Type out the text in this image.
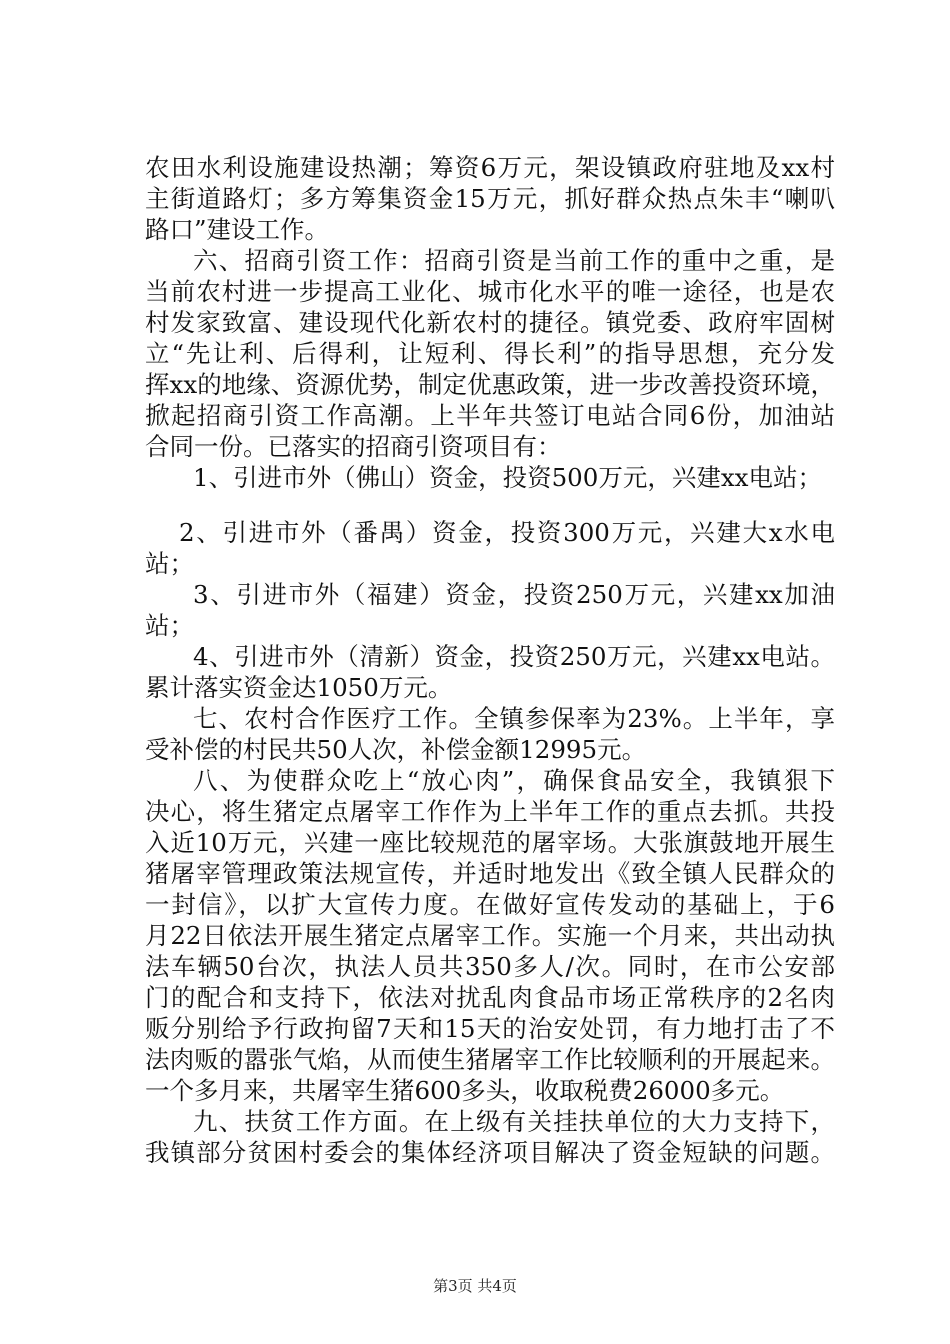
农田水利设施建设热潮；筹资6万元，架设镇政府驻地及xx村
主街道路灯；多方筹集资金15万元，抓好群众热点朱丰“喇叭
路口”建设工作。
六、招商引资工作：招商引资是当前工作的重中之重，是
当前农村进一步提高工业化、城市化水平的唯一途径，也是农
村发家致富、建设现代化新农村的捷径。镇党委、政府牢固树
立“先让利、后得利，让短利、得长利”的指导思想，充分发
挥xx的地缘、资源优势，制定优惠政策，进一步改善投资环境，
掀起招商引资工作高潮。上半年共签订电站合同6份，加油站
合同一份。已落实的招商引资项目有：
1、引进市外（佛山）资金，投资500万元，兴建xx电站；
2、引进市外（番禺）资金，投资300万元，兴建大x水电
站；
3、引进市外（福建）资金，投资250万元，兴建xx加油
站；
4、引进市外（清新）资金，投资250万元，兴建xx电站。
累计落实资金达1050万元。
七、农村合作医疗工作。全镇参保率为23%。上半年，享
受补偿的村民共50人次，补偿金额12995元。
八、为使群众吃上“放心肉”，确保食品安全，我镇狠下
决心，将生猪定点屠宰工作作为上半年工作的重点去抓。共投
入近10万元，兴建一座比较规范的屠宰场。大张旗鼓地开展生
猪屠宰管理政策法规宣传，并适时地发出《致全镇人民群众的
一封信》，以扩大宣传力度。在做好宣传发动的基础上，于6
月22日依法开展生猪定点屠宰工作。实施一个月来，共出动执
法车辆50台次，执法人员共350多人/次。同时，在市公安部
门的配合和支持下，依法对扰乱肉食品市场正常秩序的2名肉
贩分别给予行政拘留7天和15天的治安处罚，有力地打击了不
法肉贩的嚣张气焰，从而使生猪屠宰工作比较顺利的开展起来。
一个多月来，共屠宰生猪600多头，收取税费26000多元。
九、扶贫工作方面。在上级有关挂扶单位的大力支持下，
我镇部分贫困村委会的集体经济项目解决了资金短缺的问题。
第3页 共4页
